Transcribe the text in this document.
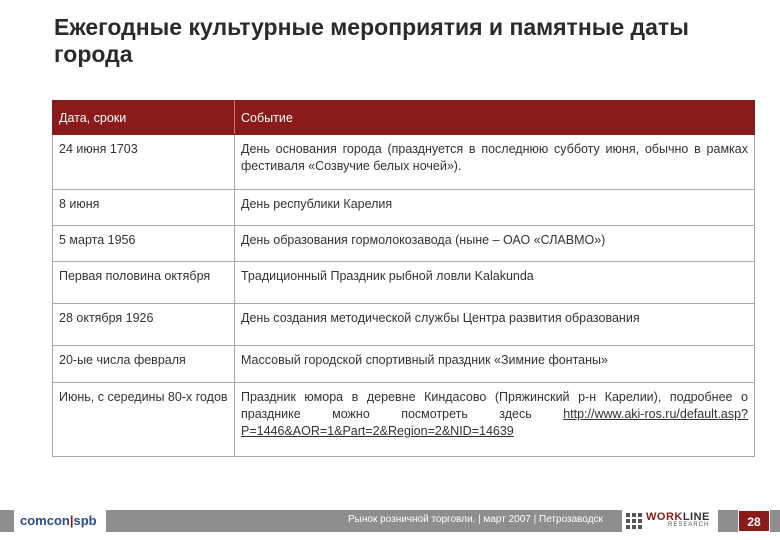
Ежегодные культурные мероприятия и памятные даты города
Дата, сроки	Событие
24 июня 1703	День основания города (празднуется в последнюю субботу июня, обычно в рамках фестиваля «Созвучие белых ночей»).
8 июня	День республики Карелия
5 марта 1956	День образования гормолокозавода (ныне – ОАО «СЛАВМО»)
Первая половина октября	Традиционный Праздник рыбной ловли Kalakunda
28 октября 1926	День создания методической службы Центра развития образования
20-ые числа февраля	Массовый городской спортивный праздник «Зимние фонтаны»
Июнь, с середины 80-х годов	Праздник юмора в деревне Киндасово (Пряжинский р-н Карелии), подробнее о празднике можно посмотреть здесь http://www.aki-ros.ru/default.asp?P=1446&AOR=1&Part=2&Region=2&NID=14639
comcon|spb	Рынок розничной торговли. | март 2007 | Петрозаводск	WORKLINE
RESEARCH	28
